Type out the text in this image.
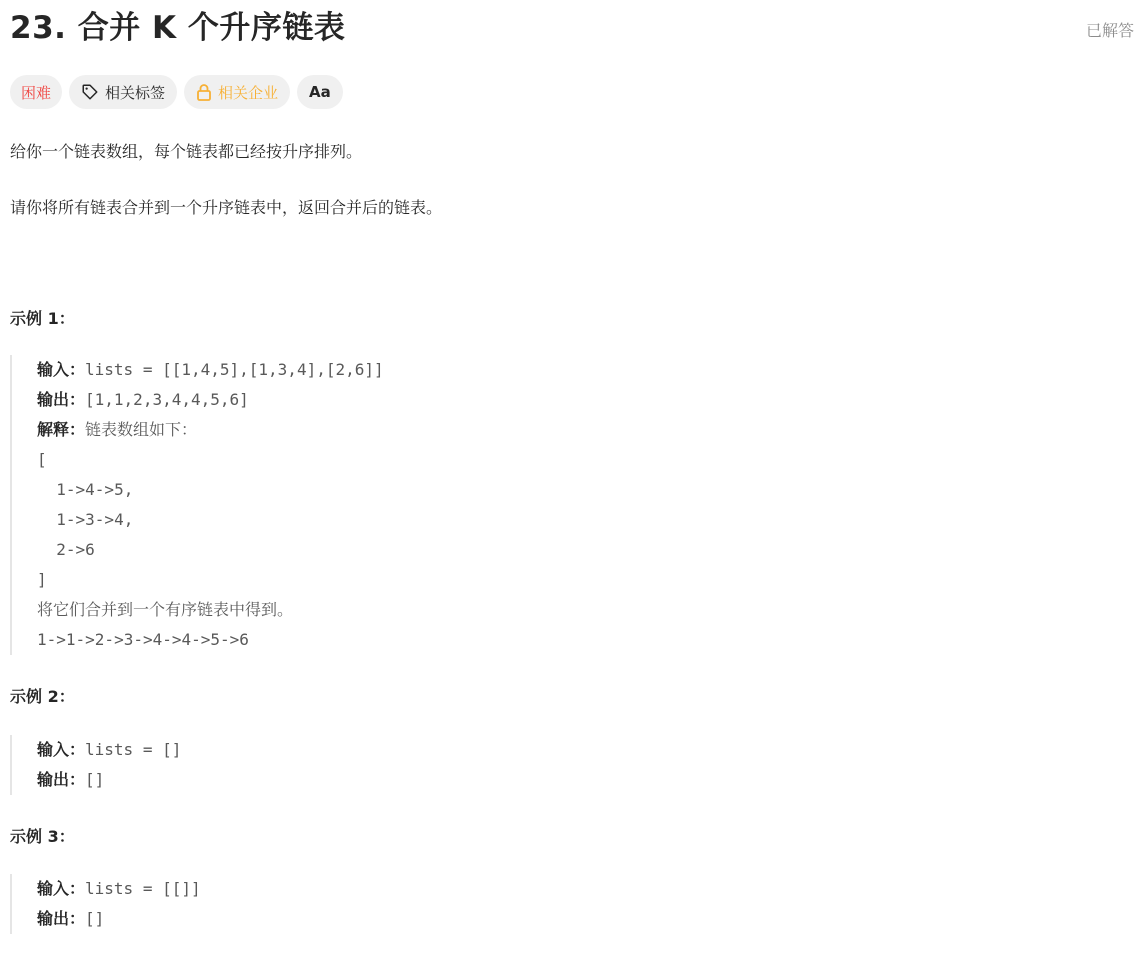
23. 合并 K 个升序链表	已解答
困难	相关标签	相关企业 Aa
给你一个链表数组，每个链表都已经按升序排列。
请你将所有链表合并到一个升序链表中，返回合并后的链表。
示例 1：
输入：lists = [[1,4,5],[1,3,4],[2,6]]
输出：[1,1,2,3,4,4,5,6]
解释：链表数组如下：
[
1->4->5,
1->3->4,
2->6
]
将它们合并到一个有序链表中得到。
1->1->2->3->4->4->5->6
示例 2：
输入：lists = []
输出：[]
示例 3：
输入：lists = [[]]
输出：[]
